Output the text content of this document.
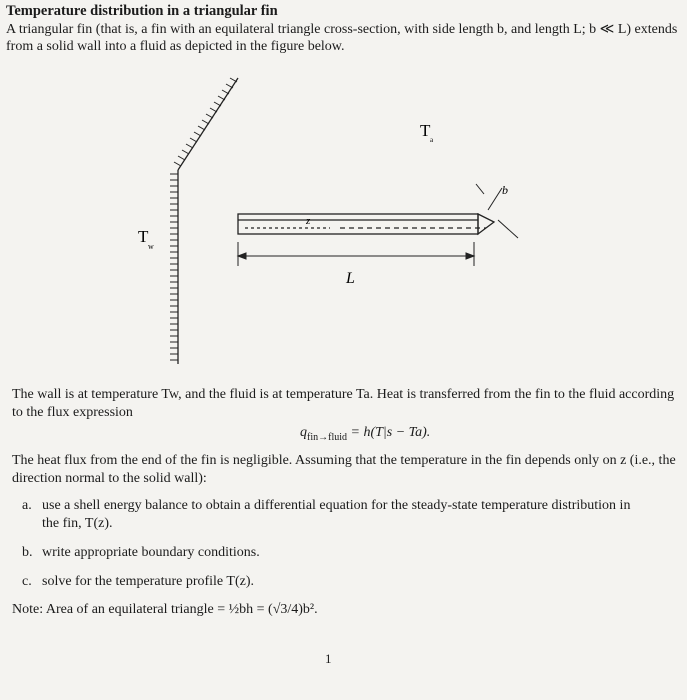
Temperature distribution in a triangular fin
A triangular fin (that is, a fin with an equilateral triangle cross-section, with side length b, and length L; b ≪ L) extends from a solid wall into a fluid as depicted in the figure below.
z
b
L
T a
T
w
The wall is at temperature Tw, and the fluid is at temperature Ta. Heat is transferred from the fin to the fluid according to the flux expression
$q_{fin\to fluid} = h(T|s - Ta)$.
The heat flux from the end of the fin is negligible. Assuming that the temperature in the fin depends only on z (i.e., the direction normal to the solid wall):
a. use a shell energy balance to obtain a differential equation for the steady-state temperature distribution in
the fin, T(z).
b. write appropriate boundary conditions.
c. solve for the temperature profile T(z).
Note: Area of an equilateral triangle = ½bh = (√3/4)b².
1
